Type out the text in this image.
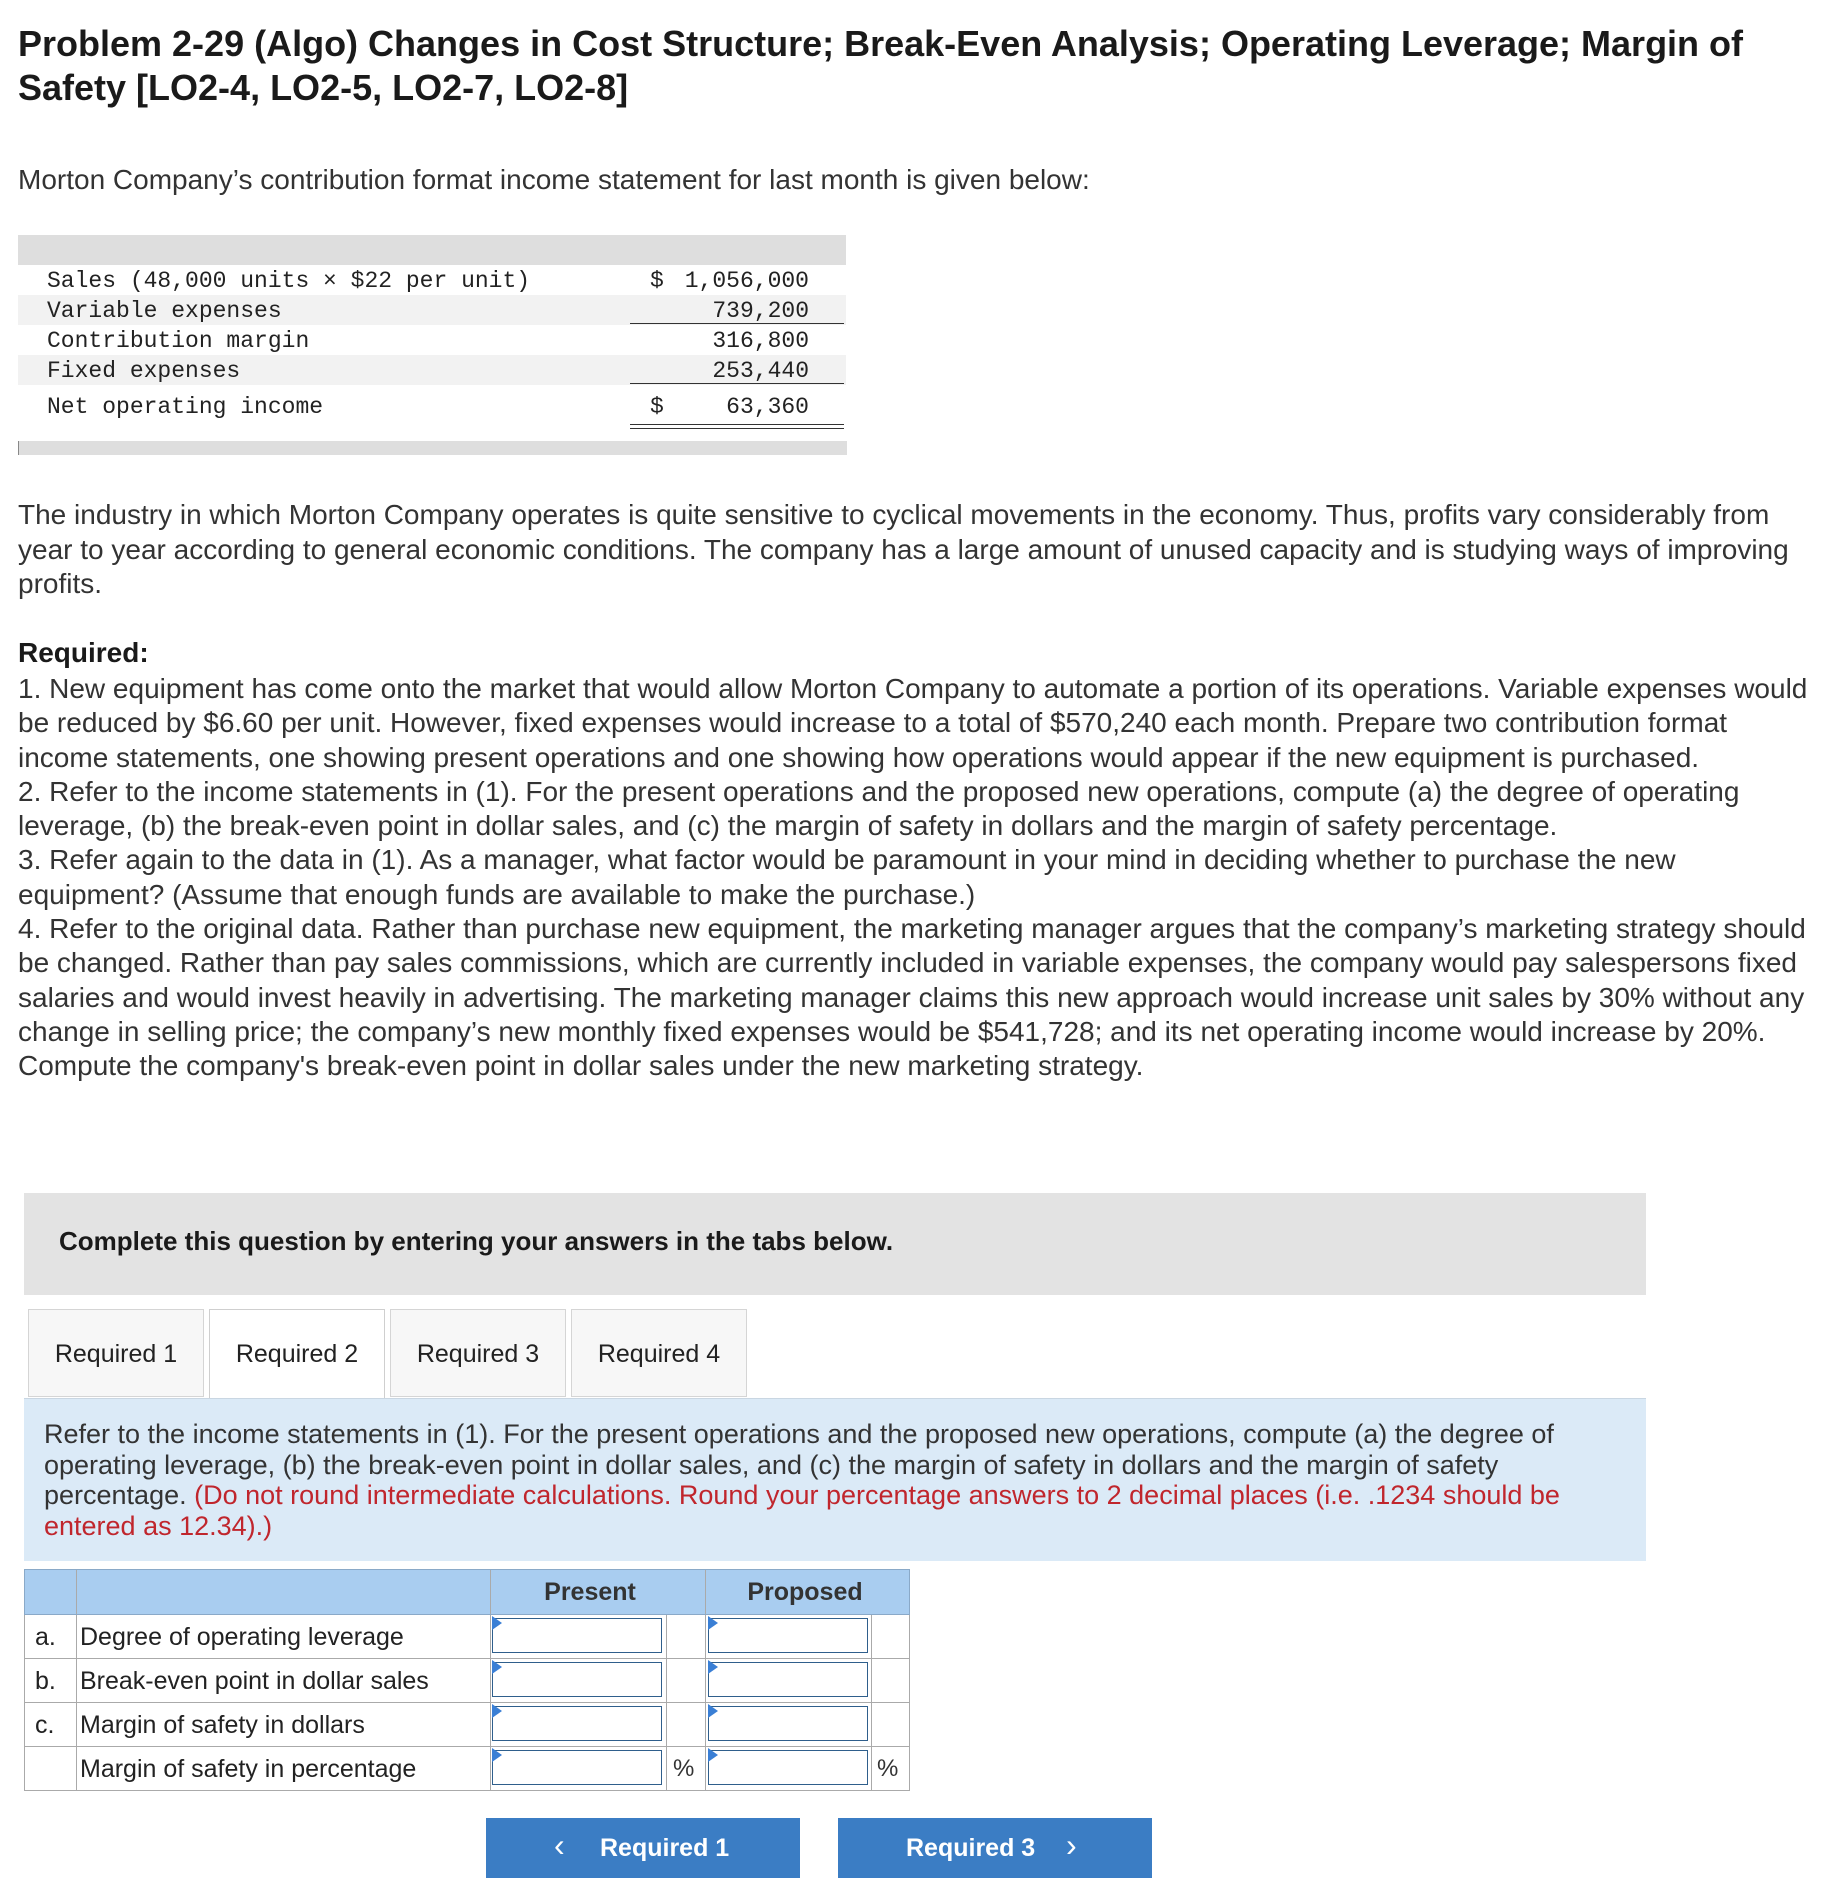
Problem 2-29 (Algo) Changes in Cost Structure; Break-Even Analysis; Operating Leverage; Margin of Safety [LO2-4, LO2-5, LO2-7, LO2-8]

Morton Company’s contribution format income statement for last month is given below:

Sales (48,000 units × $22 per unit)	$ 1,056,000
Variable expenses	739,200
Contribution margin	316,800
Fixed expenses	253,440
Net operating income	$	63,360

The industry in which Morton Company operates is quite sensitive to cyclical movements in the economy. Thus, profits vary considerably from year to year according to general economic conditions. The company has a large amount of unused capacity and is studying ways of improving profits.

Required:

1. New equipment has come onto the market that would allow Morton Company to automate a portion of its operations. Variable expenses would be reduced by $6.60 per unit. However, fixed expenses would increase to a total of $570,240 each month. Prepare two contribution format income statements, one showing present operations and one showing how operations would appear if the new equipment is purchased.

2. Refer to the income statements in (1). For the present operations and the proposed new operations, compute (a) the degree of operating leverage, (b) the break-even point in dollar sales, and (c) the margin of safety in dollars and the margin of safety percentage.

3. Refer again to the data in (1). As a manager, what factor would be paramount in your mind in deciding whether to purchase the new equipment? (Assume that enough funds are available to make the purchase.)

4. Refer to the original data. Rather than purchase new equipment, the marketing manager argues that the company’s marketing strategy should be changed. Rather than pay sales commissions, which are currently included in variable expenses, the company would pay salespersons fixed salaries and would invest heavily in advertising. The marketing manager claims this new approach would increase unit sales by 30% without any change in selling price; the company’s new monthly fixed expenses would be $541,728; and its net operating income would increase by 20%. Compute the company's break-even point in dollar sales under the new marketing strategy.

Complete this question by entering your answers in the tabs below.
Required 1	Required 2	Required 3	Required 4

Refer to the income statements in (1). For the present operations and the proposed new operations, compute (a) the degree of operating leverage, (b) the break-even point in dollar sales, and (c) the margin of safety in dollars and the margin of safety percentage. (Do not round intermediate calculations. Round your percentage answers to 2 decimal places (i.e. .1234 should be entered as 12.34).)

Present	Proposed
a. Degree of operating leverage
b. Break-even point in dollar sales
c. Margin of safety in dollars
Margin of safety in percentage	%	%
‹ Required 1	Required 3 ›
